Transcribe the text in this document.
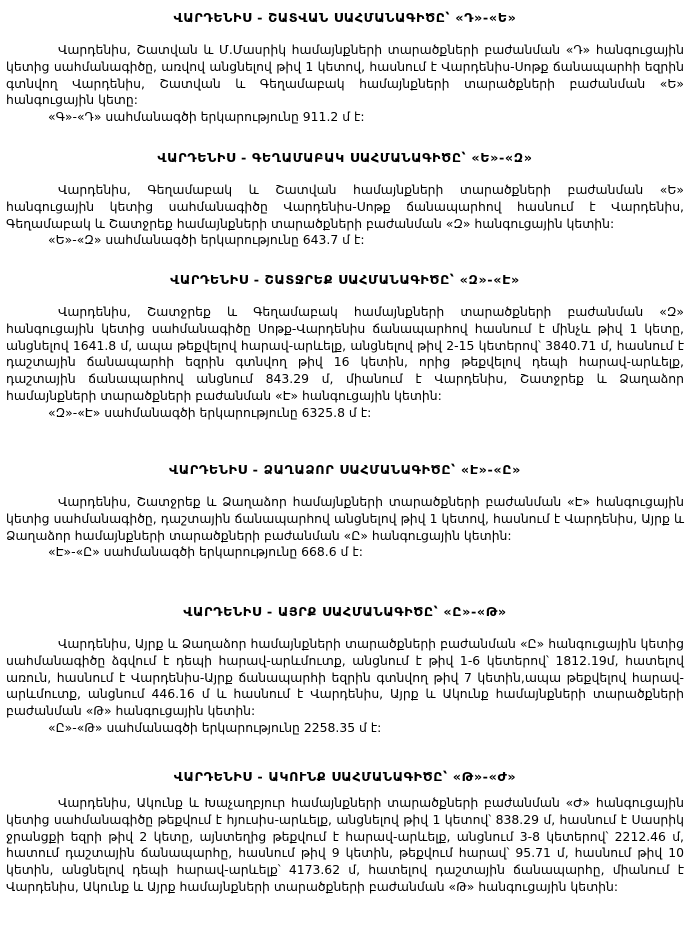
ՎԱՐԴԵՆԻՍ - ՇԱՏՎԱՆ ՍԱՀՄԱՆԱԳԻԾԸ՝ «Դ»-«Ե»

Վարդենիս, Շատվան և Մ.Մասրիկ համայնքների տարածքների բաժանման «Դ» հանգուցային կետից սահմանագիծը, առվով անցնելով թիվ 1 կետով, հասնում է Վարդենիս-Սոթք ճանապարհի եզրին գտնվող Վարդենիս, Շատվան և Գեղամաբակ համայնքների տարածքների բաժանման «Ե» հանգուցային կետը:

«Գ»-«Դ» սահմանագծի երկարությունը 911.2 մ է:

ՎԱՐԴԵՆԻՍ - ԳԵՂԱՄԱԲԱԿ ՍԱՀՄԱՆԱԳԻԾԸ՝ «Ե»-«Զ»

Վարդենիս, Գեղամաբակ և Շատվան համայնքների տարածքների բաժանման «Ե» հանգուցային կետից սահմանագիծը Վարդենիս-Սոթք ճանապարհով հասնում է Վարդենիս, Գեղամաբակ և Շատջրեք համայնքների տարածքների բաժանման «Զ» հանգուցային կետին:

«Ե»-«Զ» սահմանագծի երկարությունը 643.7 մ է:

ՎԱՐԴԵՆԻՍ - ՇԱՏՋՐԵՔ ՍԱՀՄԱՆԱԳԻԾԸ՝ «Զ»-«Է»

Վարդենիս, Շատջրեք և Գեղամաբակ համայնքների տարածքների բաժանման «Զ» հանգուցային կետից սահմանագիծը Սոթք-Վարդենիս ճանապարհով հասնում է մինչև թիվ 1 կետը, անցնելով 1641.8 մ, ապա թեքվելով հարավ-արևելք, անցնելով թիվ 2-15 կետերով՝ 3840.71 մ, հասնում է դաշտային ճանապարհի եզրին գտնվող թիվ 16 կետին, որից թեքվելով դեպի հարավ-արևելք, դաշտային ճանապարհով անցնում 843.29 մ, միանում է Վարդենիս, Շատջրեք և Ձաղաձոր համայնքների տարածքների բաժանման «Է» հանգուցային կետին:

«Զ»-«Է» սահմանագծի երկարությունը 6325.8 մ է:

ՎԱՐԴԵՆԻՍ - ՁԱՂԱՁՈՐ ՍԱՀՄԱՆԱԳԻԾԸ՝ «Է»-«Ը»

Վարդենիս, Շատջրեք և Ձաղաձոր համայնքների տարածքների բաժանման «Է» հանգուցային կետից սահմանագիծը, դաշտային ճանապարհով անցնելով թիվ 1 կետով, հասնում է Վարդենիս, Այրք և Ձաղաձոր համայնքների տարածքների բաժանման «Ը» հանգուցային կետին:

«Է»-«Ը» սահմանագծի երկարությունը 668.6 մ է:

ՎԱՐԴԵՆԻՍ - ԱՅՐՔ ՍԱՀՄԱՆԱԳԻԾԸ՝ «Ը»-«Թ»

Վարդենիս, Այրք և Ձաղաձոր համայնքների տարածքների բաժանման «Ը» հանգուցային կետից սահմանագիծը ձգվում է դեպի հարավ-արևմուտք, անցնում է թիվ 1-6 կետերով՝ 1812.19մ, հատելով առուն, հասնում է Վարդենիս-Այրք ճանապարհի եզրին գտնվող թիվ 7 կետին,ապա թեքվելով հարավ-արևմուտք, անցնում 446.16 մ և հասնում է Վարդենիս, Այրք և Ակունք համայնքների տարածքների բաժանման «Թ» հանգուցային կետին:

«Ը»-«Թ» սահմանագծի երկարությունը 2258.35 մ է:

ՎԱՐԴԵՆԻՍ - ԱԿՈՒՆՔ ՍԱՀՄԱՆԱԳԻԾԸ՝ «Թ»-«Ժ»

Վարդենիս, Ակունք և Խաչաղբյուր համայնքների տարածքների բաժանման «Ժ» հանգուցային կետից սահմանագիծը թեքվում է հյուսիս-արևելք, անցնելով թիվ 1 կետով՝ 838.29 մ, հասնում է Սասրիկ ջրանցքի եզրի թիվ 2 կետը, այնտեղից թեքվում է հարավ-արևելք, անցնում 3-8 կետերով՝ 2212.46 մ, հատում դաշտային ճանապարհը, հասնում թիվ 9 կետին, թեքվում հարավ՝ 95.71 մ, հասնում թիվ 10 կետին, անցնելով դեպի հարավ-արևելք՝ 4173.62 մ, հատելով դաշտային ճանապարհը, միանում է Վարդենիս, Ակունք և Այրք համայնքների տարածքների բաժանման «Թ» հանգուցային կետին:
